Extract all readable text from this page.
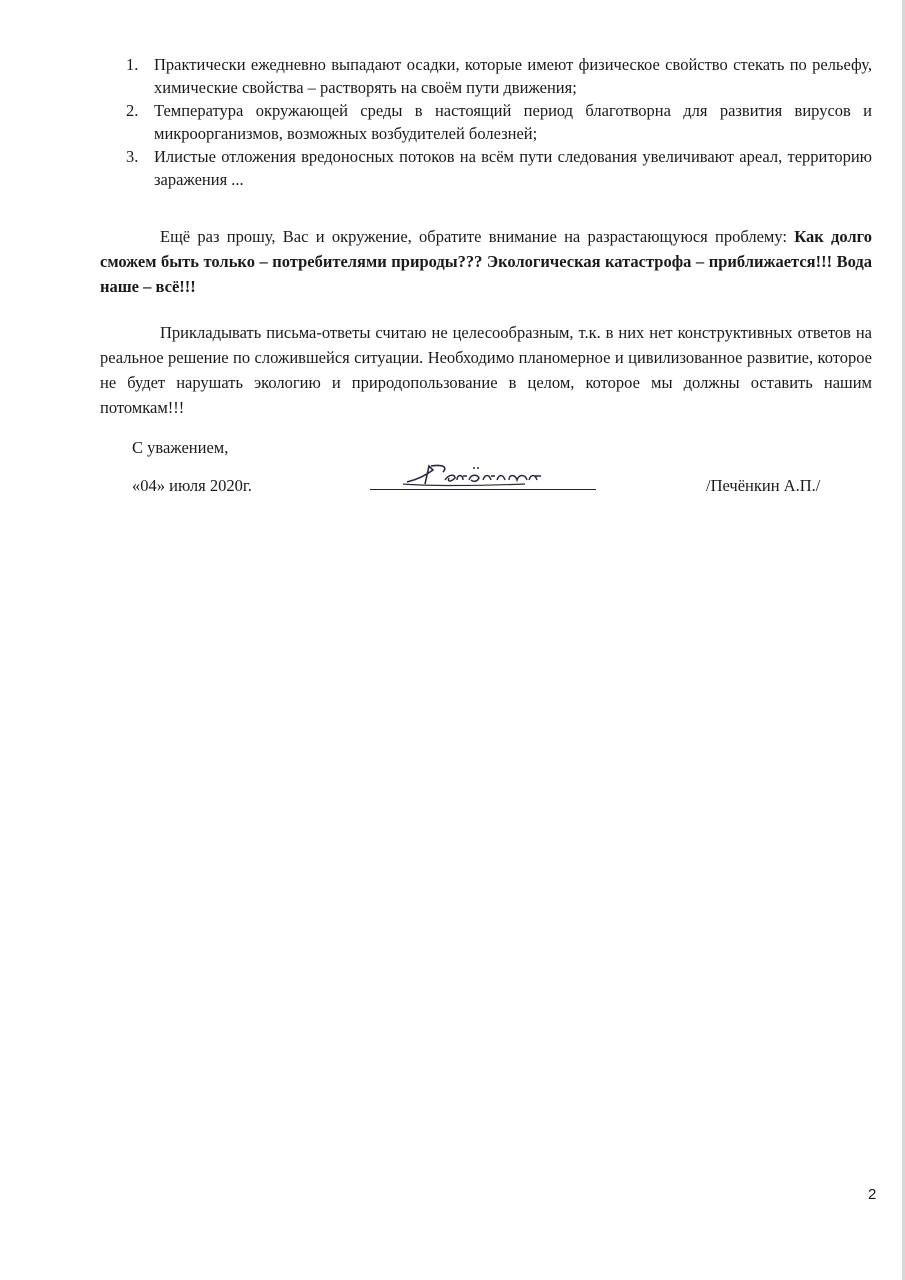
1. Практически ежедневно выпадают осадки, которые имеют физическое свойство стекать по рельефу, химические свойства – растворять на своём пути движения;
2. Температура окружающей среды в настоящий период благотворна для развития вирусов и микроорганизмов, возможных возбудителей болезней;
3. Илистые отложения вредоносных потоков на всём пути следования увеличивают ареал, территорию заражения ...

Ещё раз прошу, Вас и окружение, обратите внимание на разрастающуюся проблему: Как долго сможем быть только – потребителями природы??? Экологическая катастрофа – приближается!!! Вода наше – всё!!!

Прикладывать письма-ответы считаю не целесообразным, т.к. в них нет конструктивных ответов на реальное решение по сложившейся ситуации. Необходимо планомерное и цивилизованное развитие, которое не будет нарушать экологию и природопользование в целом, которое мы должны оставить нашим потомкам!!!

С уважением,
«04» июля 2020г.	/Печёнкин А.П./
2
